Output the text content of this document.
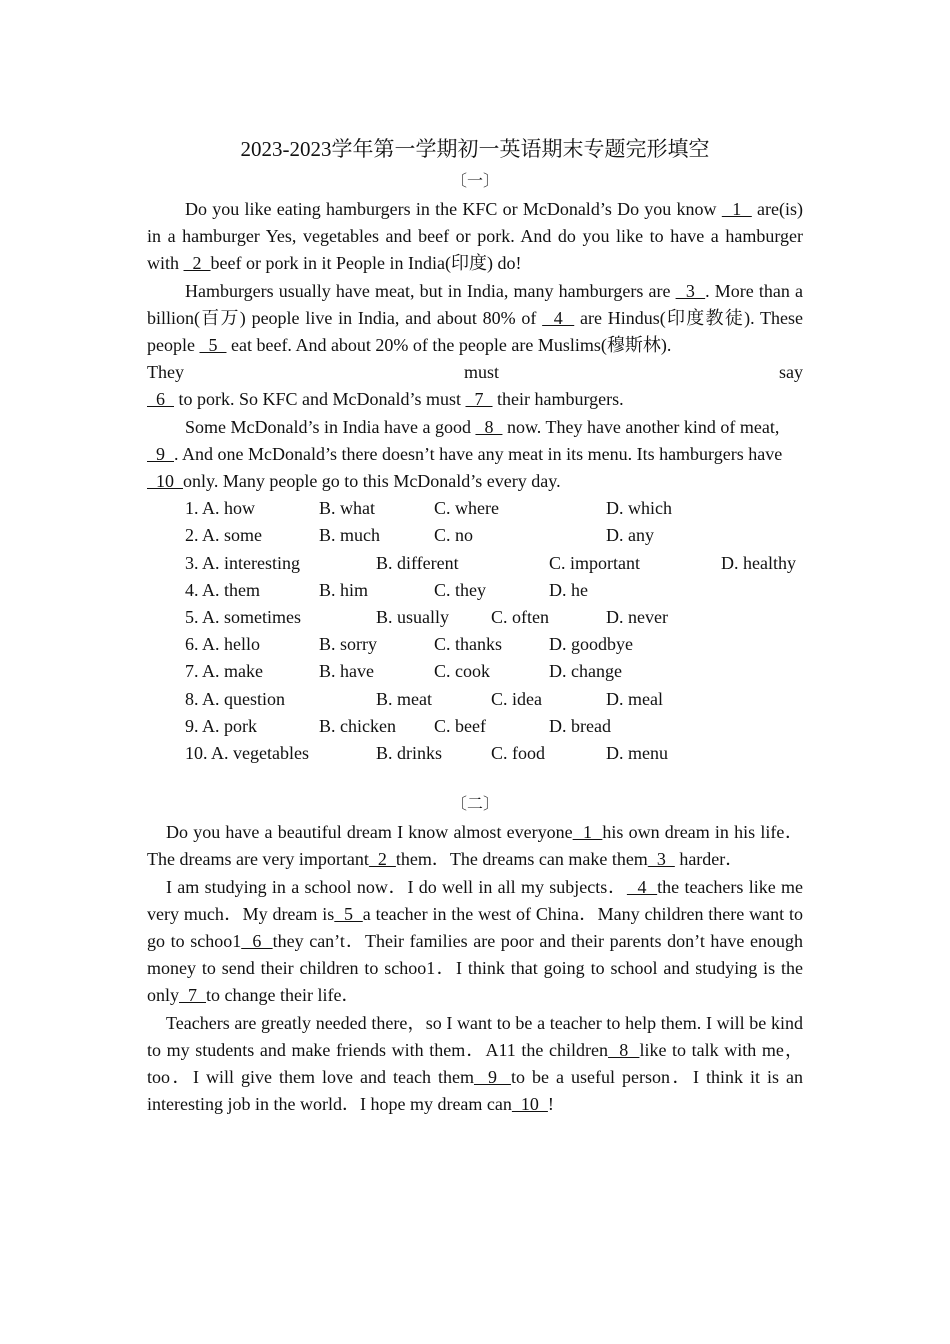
2023-2023学年第一学期初一英语期末专题完形填空
〔一〕

Do you like eating hamburgers in the KFC or McDonald’s Do you know   1   are(is) in a hamburger Yes, vegetables and beef or pork. And do you like to have a hamburger with   2  beef or pork in it People in India(印度) do!

Hamburgers usually have meat, but in India, many hamburgers are   3  . More than a billion(百万) people live in India, and about 80% of   4   are Hindus(印度教徒). These people   5   eat beef. And about 20% of the people are Muslims(穆斯林).

They	must	say

6   to pork. So KFC and McDonald’s must   7   their hamburgers.

Some McDonald’s in India have a good   8   now. They have another kind of meat,

9  . And one McDonald’s there doesn’t have any meat in its menu. Its hamburgers have

10  only. Many people go to this McDonald’s every day.

1. A. how	B. what	C. where	D. which
2. A. some	B. much	C. no	D. any
3. A. interesting	B. different	C. important	D. healthy
4. A. them	B. him	C. they	D. he
5. A. sometimes	B. usually C. often	D. never
6. A. hello	B. sorry	C. thanks	D. goodbye
7. A. make	B. have	C. cook	D. change
8. A. question	B. meat	C. idea	D. meal
9. A. pork	B. chicken C. beef	D. bread
10. A. vegetables	B. drinks	C. food	D. menu
〔二〕

Do you have a beautiful dream I know almost everyone  1  his own dream in his life．The dreams are very important  2  them．The dreams can make them  3   harder．

I am studying in a school now．I do well in all my subjects．  4  the teachers like me very much．My dream is  5  a teacher in the west of China．Many children there want to go to schoo1  6  they can’t．Their families are poor and their parents don’t have enough money to send their children to schoo1．I think that going to school and studying is the only  7  to change their life．

Teachers are greatly needed there，so I want to be a teacher to help them. I will be kind to my students and make friends with them．A11 the children  8  like to talk with me，too．I will give them love and teach them  9  to be a useful person．I think it is an interesting job in the world．I hope my dream can  10  !
